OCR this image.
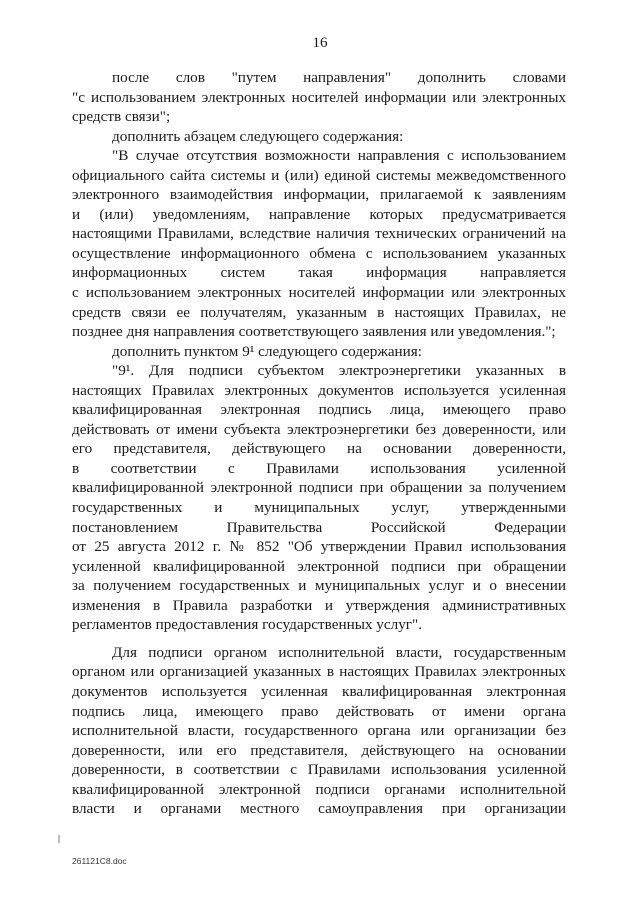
16
после слов "путем направления" дополнить словами
"с использованием электронных носителей информации или электронных
средств связи";
дополнить абзацем следующего содержания:
"В случае отсутствия возможности направления с использованием
официального сайта системы и (или) единой системы межведомственного
электронного взаимодействия информации, прилагаемой к заявлениям
и (или) уведомлениям, направление которых предусматривается
настоящими Правилами, вследствие наличия технических ограничений на
осуществление информационного обмена с использованием указанных
информационных систем такая информация направляется
с использованием электронных носителей информации или электронных
средств связи ее получателям, указанным в настоящих Правилах, не
позднее дня направления соответствующего заявления или уведомления.";
дополнить пунктом 9¹ следующего содержания:
"9¹. Для подписи субъектом электроэнергетики указанных в
настоящих Правилах электронных документов используется усиленная
квалифицированная электронная подпись лица, имеющего право
действовать от имени субъекта электроэнергетики без доверенности, или
его представителя, действующего на основании доверенности,
в соответствии с Правилами использования усиленной
квалифицированной электронной подписи при обращении за получением
государственных и муниципальных услуг, утвержденными
постановлением Правительства Российской Федерации
от 25 августа 2012 г. № 852 "Об утверждении Правил использования
усиленной квалифицированной электронной подписи при обращении
за получением государственных и муниципальных услуг и о внесении
изменения в Правила разработки и утверждения административных
регламентов предоставления государственных услуг".
Для подписи органом исполнительной власти, государственным
органом или организацией указанных в настоящих Правилах электронных
документов используется усиленная квалифицированная электронная
подпись лица, имеющего право действовать от имени органа
исполнительной власти, государственного органа или организации без
доверенности, или его представителя, действующего на основании
доверенности, в соответствии с Правилами использования усиленной
квалифицированной электронной подписи органами исполнительной
власти и органами местного самоуправления при организации
261121C8.doc
